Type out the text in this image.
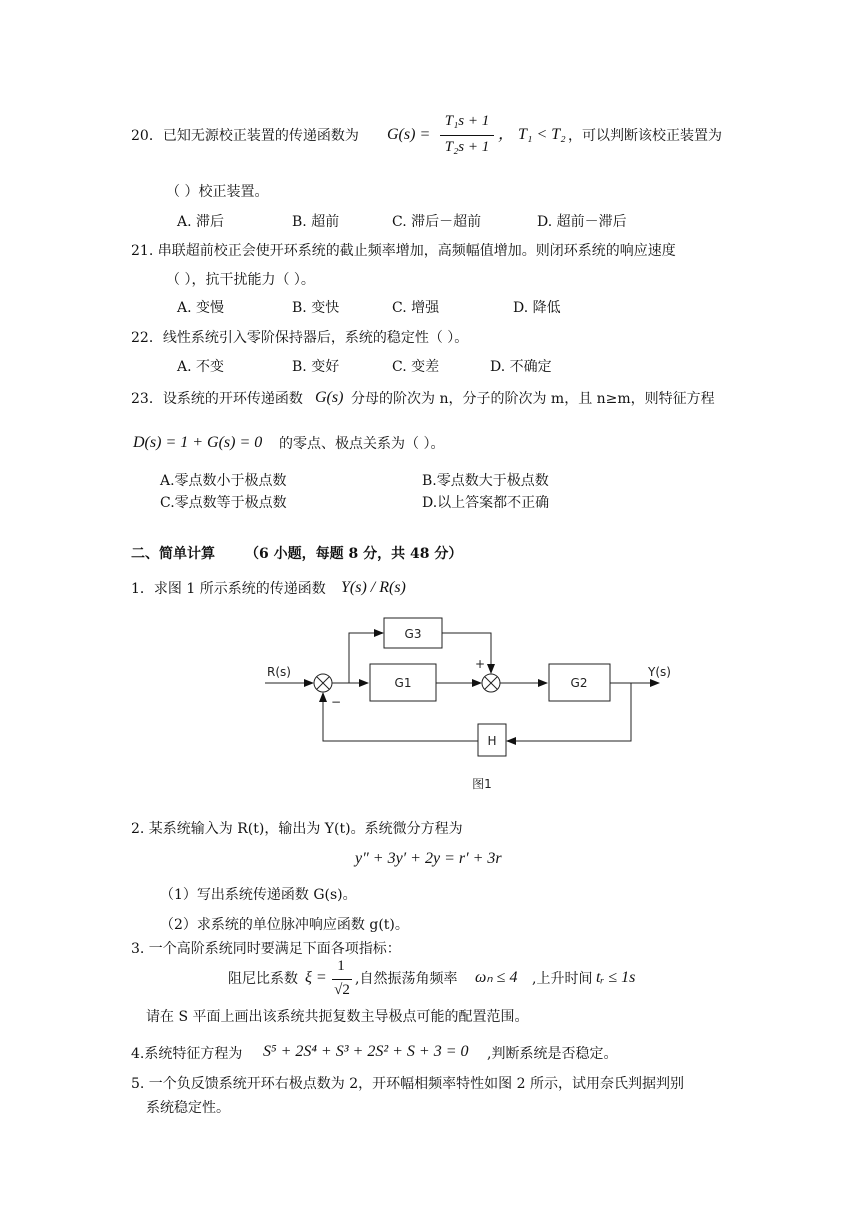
20．已知无源校正装置的传递函数为 G(s) =
T₁s + 1
T₂s + 1
， T₁ < T₂ ，可以判断该校正装置为
（ ）校正装置。
A. 滞后	B. 超前	C. 滞后－超前	D. 超前－滞后
21. 串联超前校正会使开环系统的截止频率增加，高频幅值增加。则闭环系统的响应速度
（ ），抗干扰能力（ ）。
A. 变慢	B. 变快	C. 增强	D. 降低
22．线性系统引入零阶保持器后，系统的稳定性（ ）。
A. 不变	B. 变好	C. 变差	D. 不确定
23．设系统的开环传递函数 G(s) 分母的阶次为 n，分子的阶次为 m，且 n≥m，则特征方程
D(s) = 1 + G(s) = 0 的零点、极点关系为（ ）。
A.零点数小于极点数	B.零点数大于极点数
C.零点数等于极点数	D.以上答案都不正确
二、简单计算 （6 小题，每题 8 分，共 48 分）
1．求图 1 所示系统的传递函数 Y(s) / R(s)
R(s)	Y(s)
G3
G1	G2
H
+
−
图1
2. 某系统输入为 R(t)，输出为 Y(t)。系统微分方程为
y″ + 3y′ + 2y = r′ + 3r
（1）写出系统传递函数 G(s)。
（2）求系统的单位脉冲响应函数 g(t)。
3. 一个高阶系统同时要满足下面各项指标：
阻尼比系数 ξ =
1
√2
,自然振荡角频率 ωₙ ≤ 4 ,上升时间 tᵣ ≤ 1s
请在 S 平面上画出该系统共扼复数主导极点可能的配置范围。
4.系统特征方程为 S⁵ + 2S⁴ + S³ + 2S² + S + 3 = 0 ,判断系统是否稳定。
5. 一个负反馈系统开环右极点数为 2，开环幅相频率特性如图 2 所示，试用奈氏判据判别
系统稳定性。
